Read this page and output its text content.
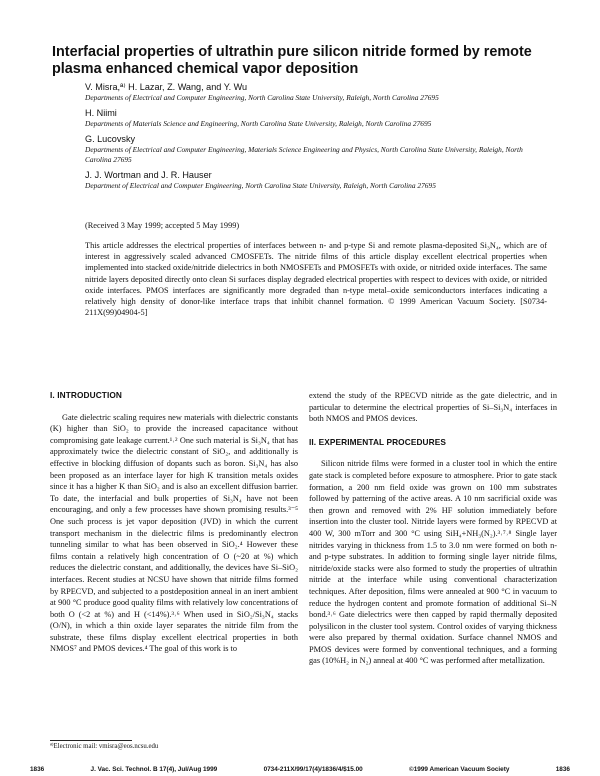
Interfacial properties of ultrathin pure silicon nitride formed by remote plasma enhanced chemical vapor deposition
V. Misra,ª⁾ H. Lazar, Z. Wang, and Y. Wu
Departments of Electrical and Computer Engineering, North Carolina State University, Raleigh, North Carolina 27695
H. Niimi
Departments of Materials Science and Engineering, North Carolina State University, Raleigh, North Carolina 27695
G. Lucovsky
Departments of Electrical and Computer Engineering, Materials Science Engineering and Physics, North Carolina State University, Raleigh, North Carolina 27695
J. J. Wortman and J. R. Hauser
Department of Electrical and Computer Engineering, North Carolina State University, Raleigh, North Carolina 27695
(Received 3 May 1999; accepted 5 May 1999)

This article addresses the electrical properties of interfaces between n- and p-type Si and remote plasma-deposited Si₃N₄, which are of interest in aggressively scaled advanced CMOSFETs. The nitride films of this article display excellent electrical properties when implemented into stacked oxide/nitride dielectrics in both NMOSFETs and PMOSFETs with oxide, or nitrided oxide interfaces. The same nitride layers deposited directly onto clean Si surfaces display degraded electrical properties with respect to devices with oxide, or nitrided oxide interfaces. PMOS interfaces are significantly more degraded than n-type metal–oxide semiconductors interfaces indicating a relatively high density of donor-like interface traps that inhibit channel formation. © 1999 American Vacuum Society. [S0734-211X(99)04904-5]

I. INTRODUCTION

Gate dielectric scaling requires new materials with dielectric constants (K) higher than SiO₂ to provide the increased capacitance without compromising gate leakage current.¹˒² One such material is Si₃N₄ that has approximately twice the dielectric constant of SiO₂, and additionally is effective in blocking diffusion of dopants such as boron. Si₃N₄ has also been proposed as an interface layer for high K transition metals oxides since it has a higher K than SiO₂ and is also an excellent diffusion barrier. To date, the interfacial and bulk properties of Si₃N₄ have not been encouraging, and only a few processes have shown promising results.³⁻⁵ One such process is jet vapor deposition (JVD) in which the current transport mechanism in the dielectric films is predominantly electron tunneling similar to what has been observed in SiO₂.⁴ However these films contain a relatively high concentration of O (~20 at %) which reduces the dielectric constant, and additionally, the devices have Si–SiO₂ interfaces. Recent studies at NCSU have shown that nitride films formed by RPECVD, and subjected to a postdeposition anneal in an inert ambient at 900 °C produce good quality films with relatively low concentrations of both O (<2 at %) and H (<14%).³˒⁶ When used in SiO₂/Si₃N₄ stacks (O/N), in which a thin oxide layer separates the nitride film from the substrate, these films display excellent electrical properties in both NMOS⁷ and PMOS devices.⁴ The goal of this work is to

extend the study of the RPECVD nitride as the gate dielectric, and in particular to determine the electrical properties of Si–Si₃N₄ interfaces in both NMOS and PMOS devices.

II. EXPERIMENTAL PROCEDURES

Silicon nitride films were formed in a cluster tool in which the entire gate stack is completed before exposure to atmosphere. Prior to gate stack formation, a 200 nm field oxide was grown on 100 mm substrates followed by patterning of the active areas. A 10 nm sacrificial oxide was then grown and removed with 2% HF solution immediately before insertion into the cluster tool. Nitride layers were formed by RPECVD at 400 W, 300 mTorr and 300 °C using SiH₄+NH₃(N₂).³˒⁷˒⁸ Single layer nitrides varying in thickness from 1.5 to 3.0 nm were formed on both n- and p-type substrates. In addition to forming single layer nitride films, nitride/oxide stacks were also formed to study the properties of ultrathin nitride at the interface while using conventional characterization techniques. After deposition, films were annealed at 900 °C in vacuum to reduce the hydrogen content and promote formation of additional Si–N bond.³˒⁶ Gate dielectrics were then capped by rapid thermally deposited polysilicon in the cluster tool system. Control oxides of varying thickness were also prepared by thermal oxidation. Surface channel NMOS and PMOS devices were formed by conventional techniques, and a forming gas (10%H₂ in N₂) anneal at 400 °C was performed after metallization.

ª⁾Electronic mail: vmisra@eos.ncsu.edu
1836	J. Vac. Sci. Technol. B 17(4), Jul/Aug 1999	0734-211X/99/17(4)/1836/4/$15.00	©1999 American Vacuum Society	1836
